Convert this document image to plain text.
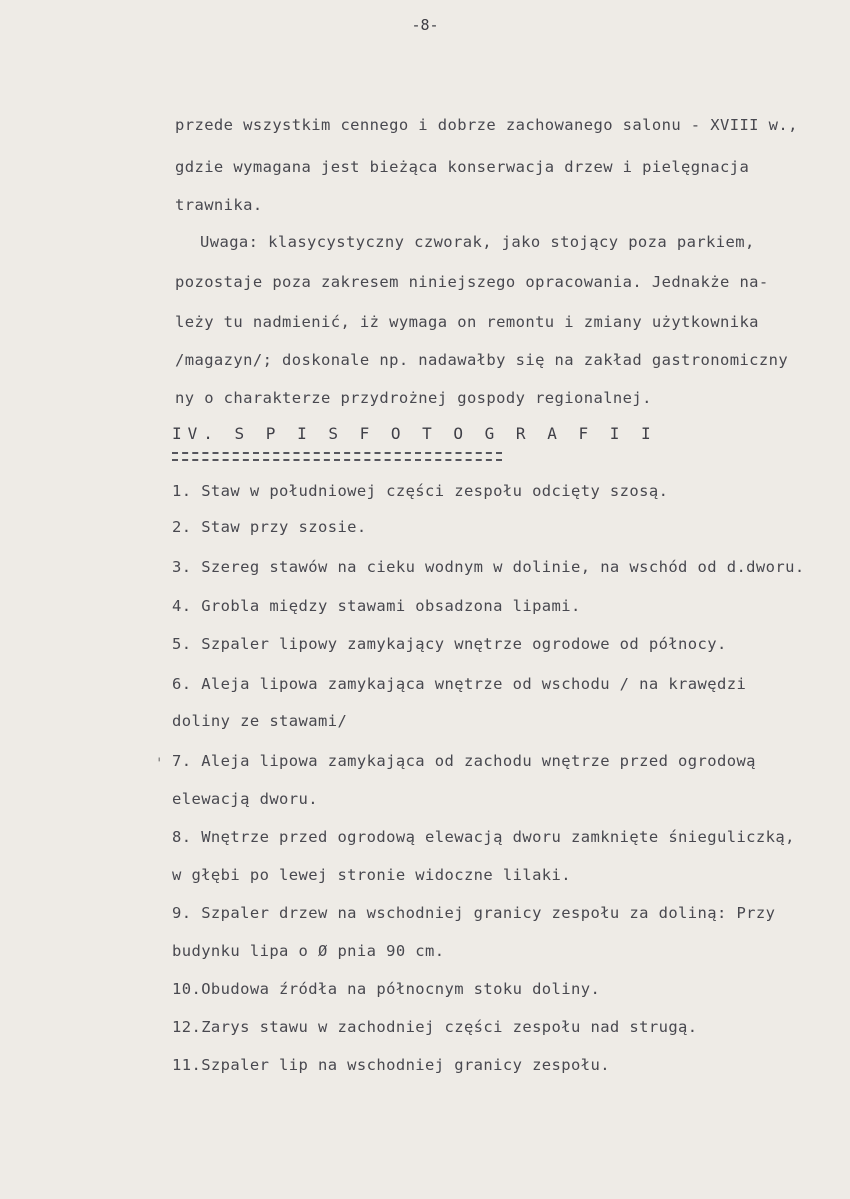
-8-
przede wszystkim cennego i dobrze zachowanego salonu - XVIII w.,
gdzie wymagana jest bieżąca konserwacja drzew i pielęgnacja
trawnika.
Uwaga: klasycystyczny czworak, jako stojący poza parkiem,
pozostaje poza zakresem niniejszego opracowania. Jednakże na-
leży tu nadmienić, iż wymaga on remontu i zmiany użytkownika
/magazyn/; doskonale np. nadawałby się na zakład gastronomiczny
ny o charakterze przydrożnej gospody regionalnej.
IV. S P I S F O T O G R A F I I
1. Staw w południowej części zespołu odcięty szosą.
2. Staw przy szosie.
3. Szereg stawów na cieku wodnym w dolinie, na wschód od d.dworu.
4. Grobla między stawami obsadzona lipami.
5. Szpaler lipowy zamykający wnętrze ogrodowe od północy.
6. Aleja lipowa zamykająca wnętrze od wschodu / na krawędzi
doliny ze stawami/
' 7. Aleja lipowa zamykająca od zachodu wnętrze przed ogrodową
elewacją dworu.
8. Wnętrze przed ogrodową elewacją dworu zamknięte śnieguliczką,
w głębi po lewej stronie widoczne lilaki.
9. Szpaler drzew na wschodniej granicy zespołu za doliną: Przy
budynku lipa o Ø pnia 90 cm.
10.Obudowa źródła na północnym stoku doliny.
12.Zarys stawu w zachodniej części zespołu nad strugą.
11.Szpaler lip na wschodniej granicy zespołu.
